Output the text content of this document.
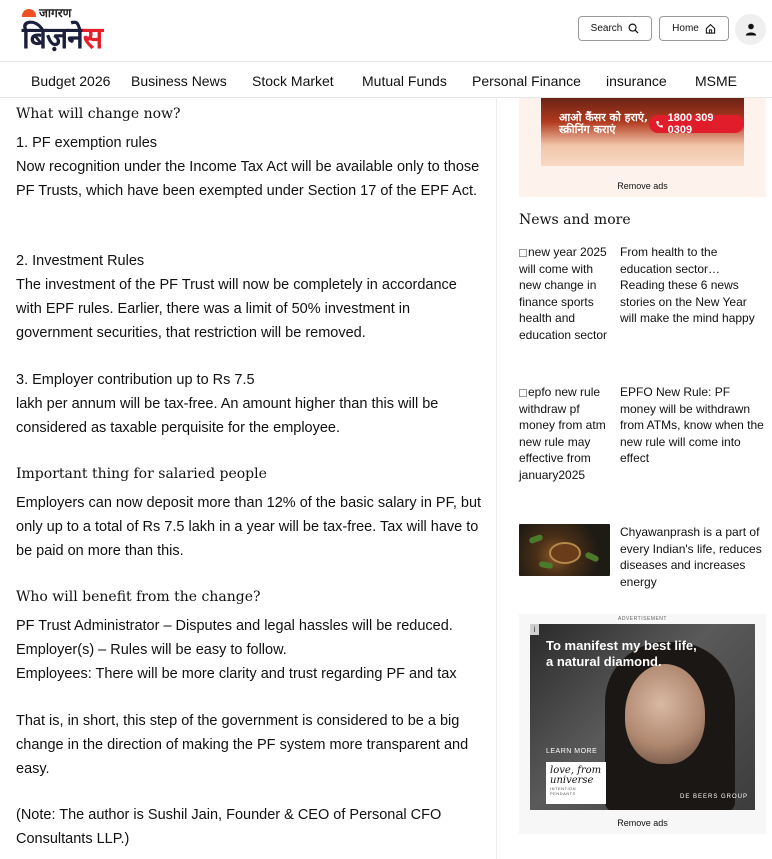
जागरण
बिज़नेस	Search	Home
Budget 2026 Business News Stock Market Mutual Funds Personal Finance insurance MSME
What will change now?
1. PF exemption rules
Now recognition under the Income Tax Act will be available only to those PF Trusts, which have been exempted under Section 17 of the EPF Act.
2. Investment Rules
The investment of the PF Trust will now be completely in accordance with EPF rules. Earlier, there was a limit of 50% investment in government securities, that restriction will be removed.
3. Employer contribution up to Rs 7.5
lakh per annum will be tax-free. An amount higher than this will be considered as taxable perquisite for the employee.
Important thing for salaried people
Employers can now deposit more than 12% of the basic salary in PF, but only up to a total of Rs 7.5 lakh in a year will be tax-free. Tax will have to be paid on more than this.
Who will benefit from the change?
PF Trust Administrator – Disputes and legal hassles will be reduced.
Employer(s) – Rules will be easy to follow.
Employees: There will be more clarity and trust regarding PF and tax
That is, in short, this step of the government is considered to be a big change in the direction of making the PF system more transparent and easy.
(Note: The author is Sushil Jain, Founder & CEO of Personal CFO Consultants LLP.)
आओ कैंसर को हराएं,
स्क्रीनिंग कराएं
1800 309 0309
Remove ads
News and more
new year 2025 will come with new change in finance sports health and education sector
From health to the education sector… Reading these 6 news stories on the New Year will make the mind happy
epfo new rule withdraw pf money from atm new rule may effective from january2025
EPFO New Rule: PF money will be withdrawn from ATMs, know when the new rule will come into effect
Chyawanprash is a part of every Indian's life, reduces diseases and increases energy
ADVERTISEMENT
To manifest my best life, a natural diamond.
LEARN MORE
love, from universe
INTENTION PENDANTS
DE BEERS GROUP
i
Remove ads
